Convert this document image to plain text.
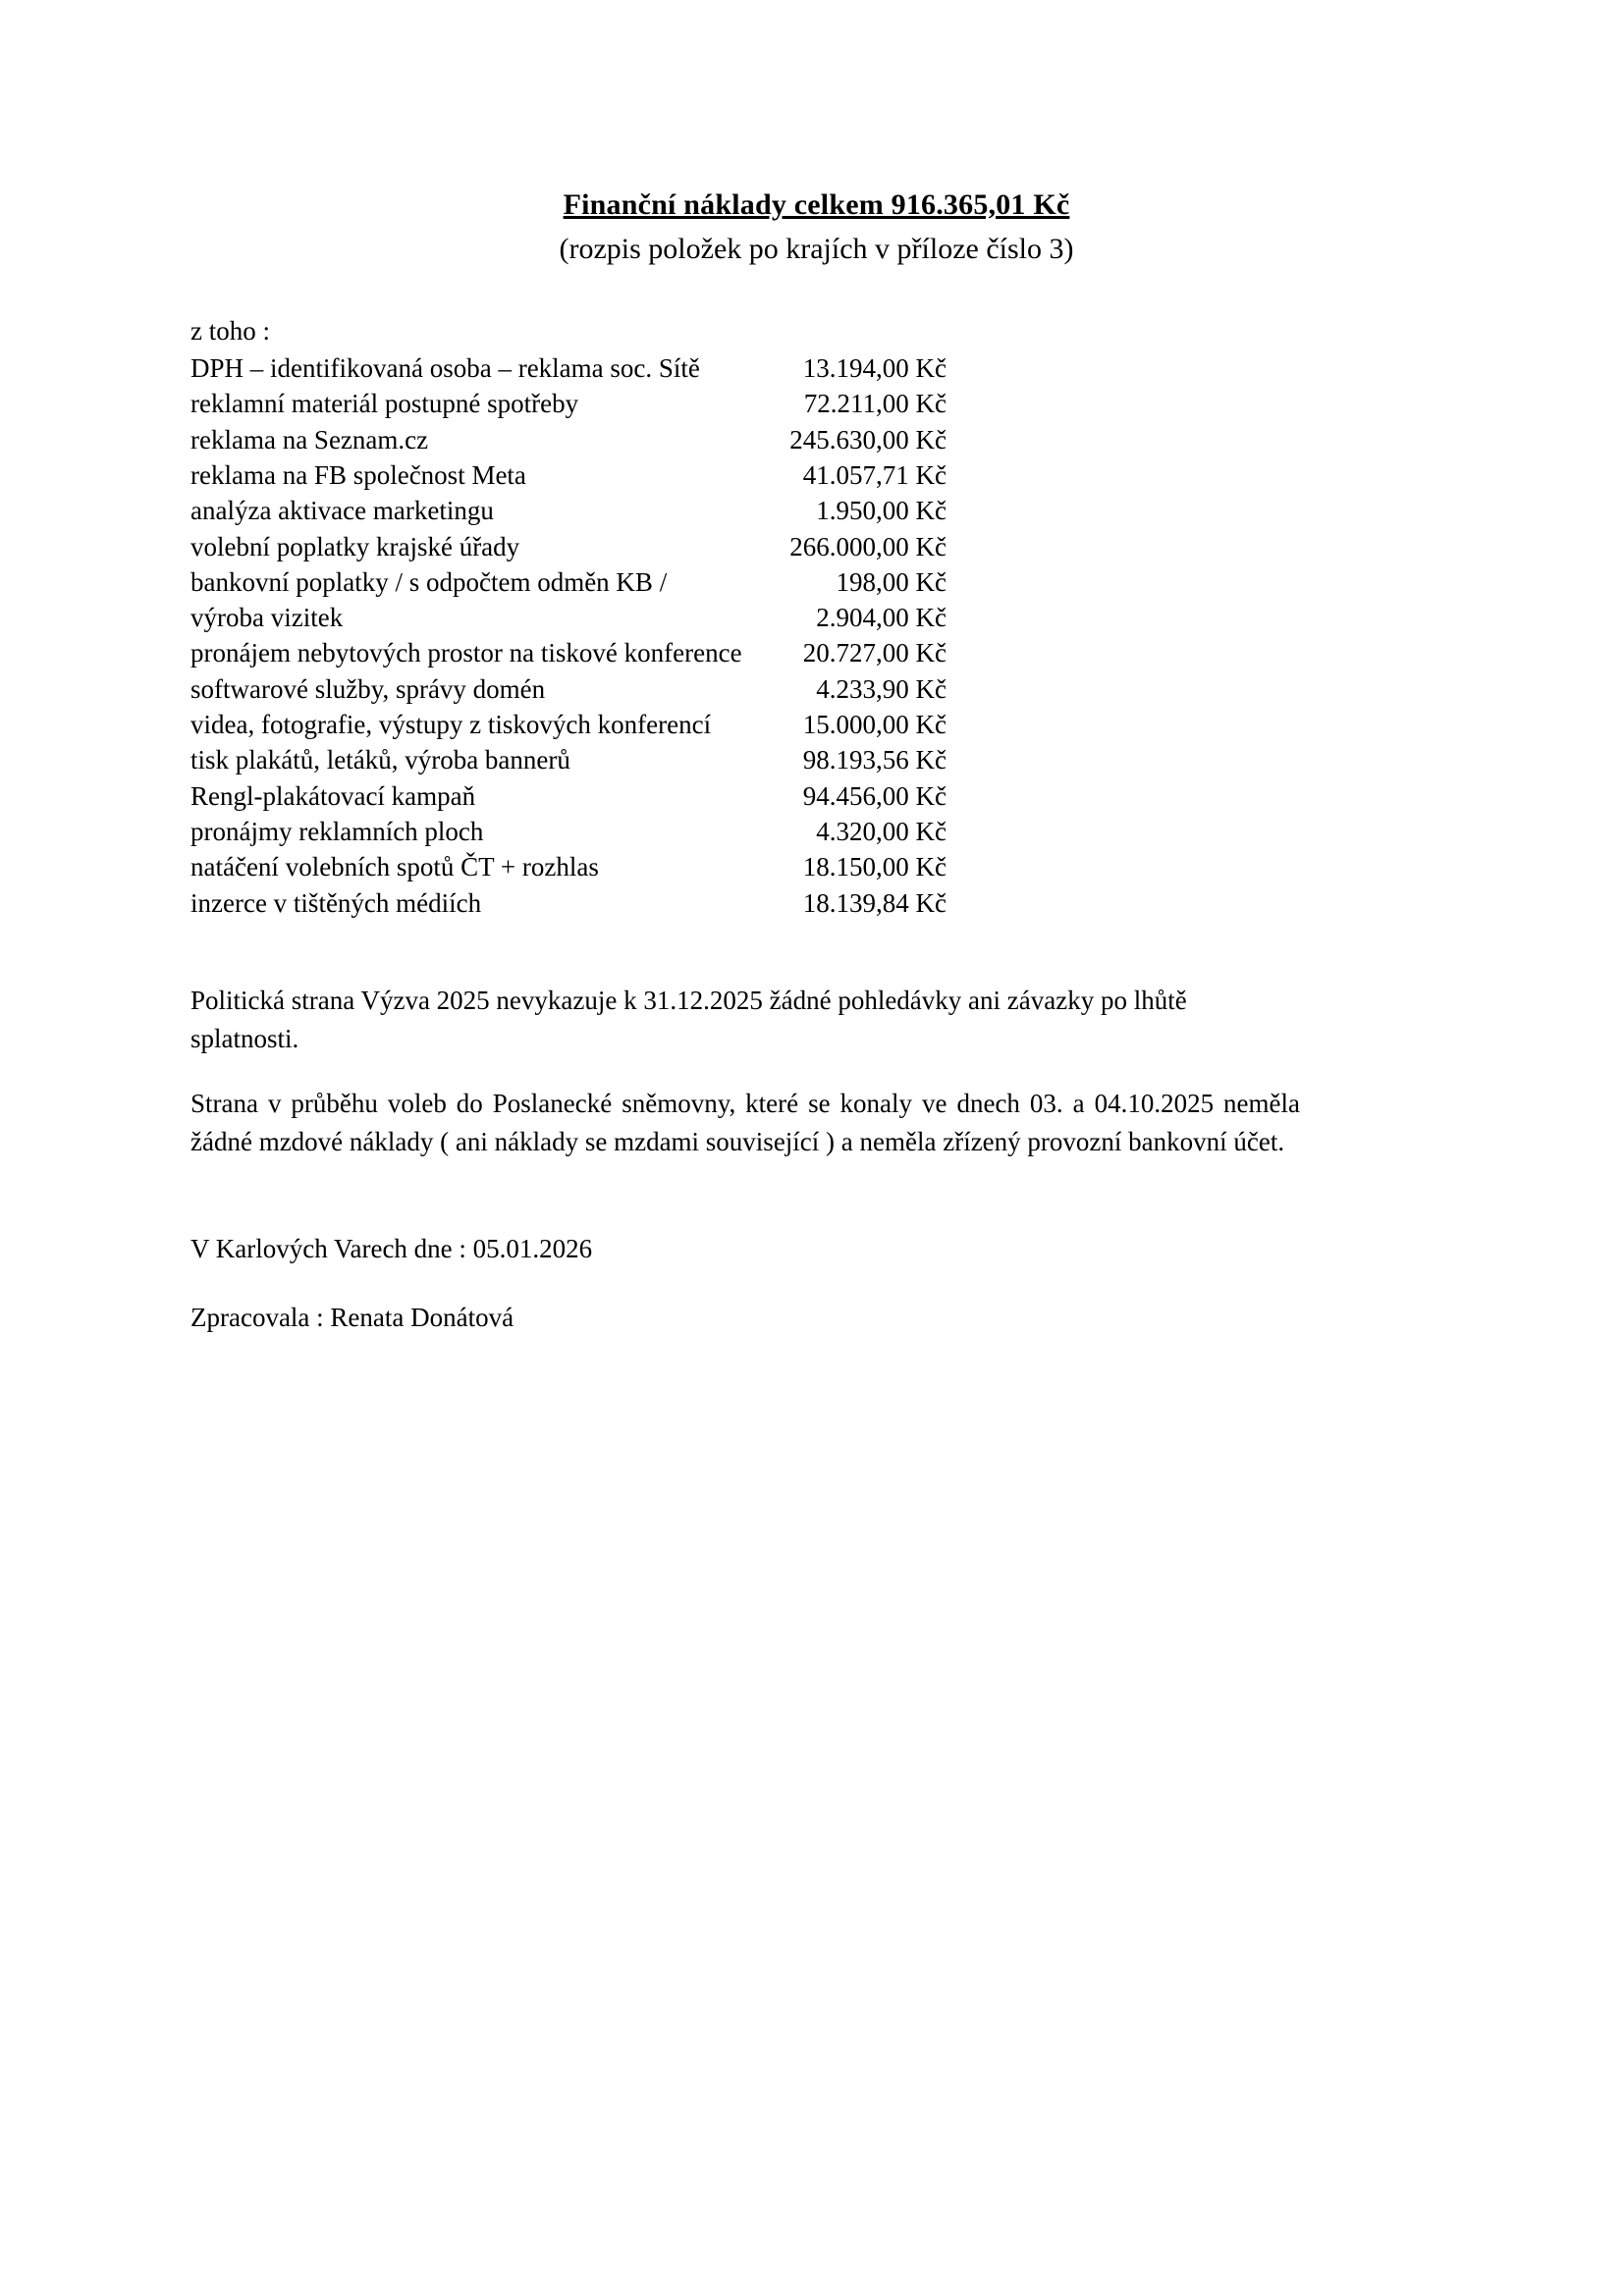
Finanční náklady celkem 916.365,01 Kč
(rozpis položek po krajích v příloze číslo 3)
z toho :
DPH – identifikovaná osoba – reklama soc. Sítě	13.194,00 Kč
reklamní materiál postupné spotřeby	72.211,00 Kč
reklama na Seznam.cz	245.630,00 Kč
reklama na FB společnost Meta	41.057,71 Kč
analýza aktivace marketingu	1.950,00 Kč
volební poplatky krajské úřady	266.000,00 Kč
bankovní poplatky / s odpočtem odměn KB /	198,00 Kč
výroba vizitek	2.904,00 Kč
pronájem nebytových prostor na tiskové konference 20.727,00 Kč
softwarové služby, správy domén	4.233,90 Kč
videa, fotografie, výstupy z tiskových konferencí	15.000,00 Kč
tisk plakátů, letáků, výroba bannerů	98.193,56 Kč
Rengl-plakátovací kampaň	94.456,00 Kč
pronájmy reklamních ploch	4.320,00 Kč
natáčení volebních spotů ČT + rozhlas	18.150,00 Kč
inzerce v tištěných médiích	18.139,84 Kč
Politická strana Výzva 2025 nevykazuje k 31.12.2025 žádné pohledávky ani závazky po lhůtě splatnosti.
Strana v průběhu voleb do Poslanecké sněmovny, které se konaly ve dnech 03. a 04.10.2025 neměla žádné mzdové náklady ( ani náklady se mzdami související ) a neměla zřízený provozní bankovní účet.
V Karlových Varech dne : 05.01.2026
Zpracovala : Renata Donátová
